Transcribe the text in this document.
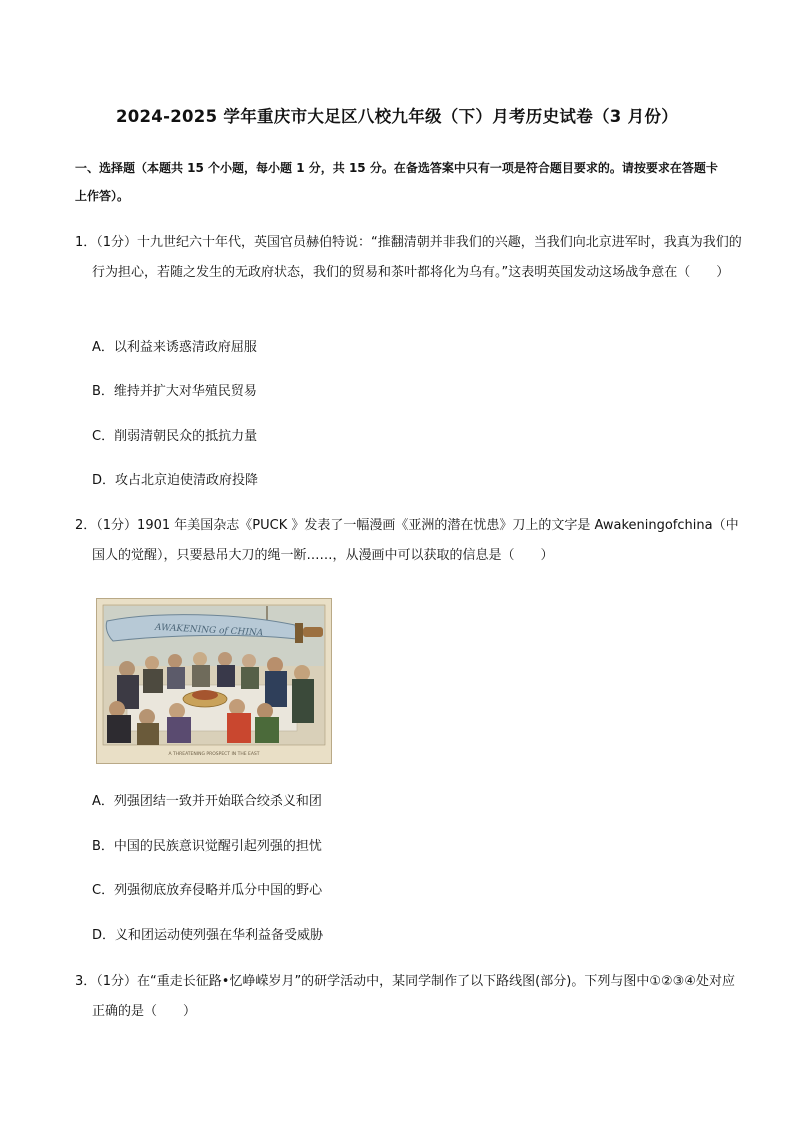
2024-2025 学年重庆市大足区八校九年级（下）月考历史试卷（3 月份）
一、选择题（本题共 15 个小题，每小题 1 分，共 15 分。在备选答案中只有一项是符合题目要求的。请按要求在答题卡上作答）。
1．（1分）十九世纪六十年代，英国官员赫伯特说：“推翻清朝并非我们的兴趣，当我们向北京进军时，我真为我们的行为担心，若随之发生的无政府状态，我们的贸易和茶叶都将化为乌有。”这表明英国发动这场战争意在（　　）
A．以利益来诱惑清政府屈服
B．维持并扩大对华殖民贸易
C．削弱清朝民众的抵抗力量
D．攻占北京迫使清政府投降
2．（1分）1901 年美国杂志《PUCK 》发表了一幅漫画《亚洲的潜在忧患》刀上的文字是 Awakeningofchina（中国人的觉醒），只要悬吊大刀的绳一断……，从漫画中可以获取的信息是（　　）
AWAKENING of CHINA
A THREATENING PROSPECT IN THE EAST
A．列强团结一致并开始联合绞杀义和团
B．中国的民族意识觉醒引起列强的担忧
C．列强彻底放弃侵略并瓜分中国的野心
D．义和团运动使列强在华利益备受威胁
3．（1分）在“重走长征路•忆峥嵘岁月”的研学活动中，某同学制作了以下路线图(部分)。下列与图中①②③④处对应正确的是（　　）
